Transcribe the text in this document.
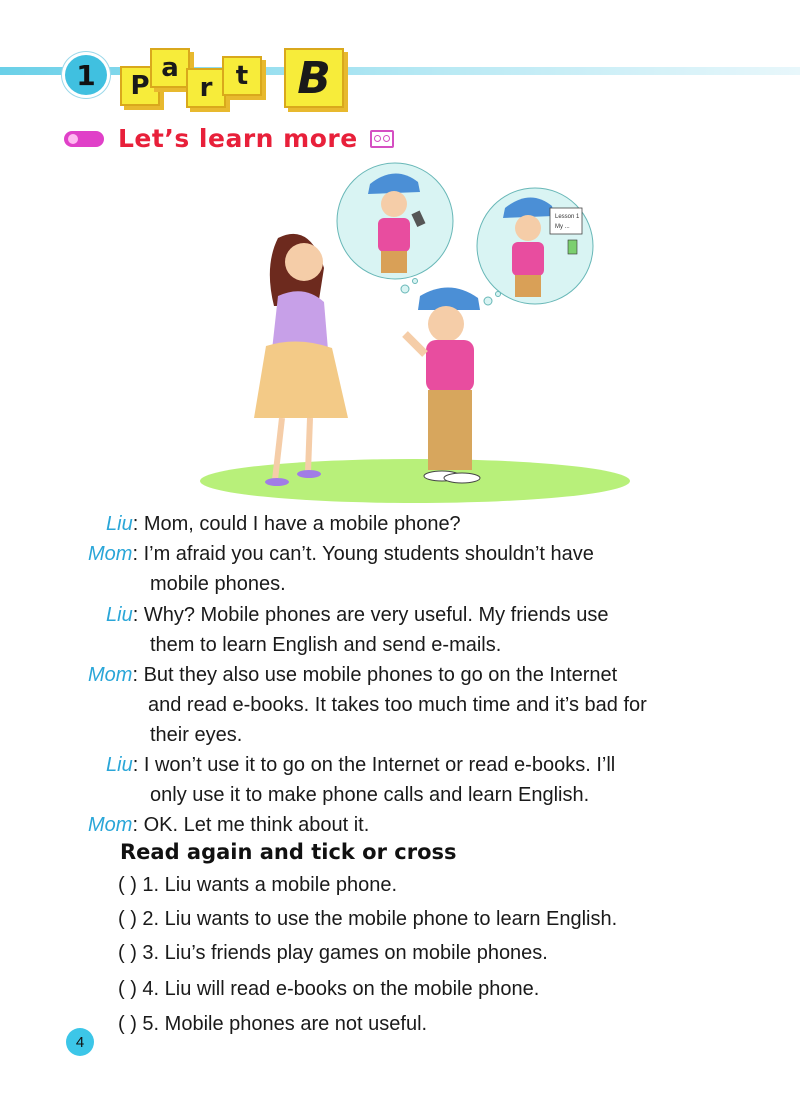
1	P
a
r t	B
Let’s learn more
Lesson 1
My ...
Liu: Mom, could I have a mobile phone?
Mom: I’m afraid you can’t. Young students shouldn’t have
mobile phones.
Liu: Why? Mobile phones are very useful. My friends use
them to learn English and send e-mails.
Mom: But they also use mobile phones to go on the Internet
and read e-books. It takes too much time and it’s bad for
their eyes.
Liu: I won’t use it to go on the Internet or read e-books. I’ll
only use it to make phone calls and learn English.
Mom: OK. Let me think about it.
Read again and tick or cross
( ) 1. Liu wants a mobile phone.
( ) 2. Liu wants to use the mobile phone to learn English.
( ) 3. Liu’s friends play games on mobile phones.
( ) 4. Liu will read e-books on the mobile phone.
( ) 5. Mobile phones are not useful.
4
